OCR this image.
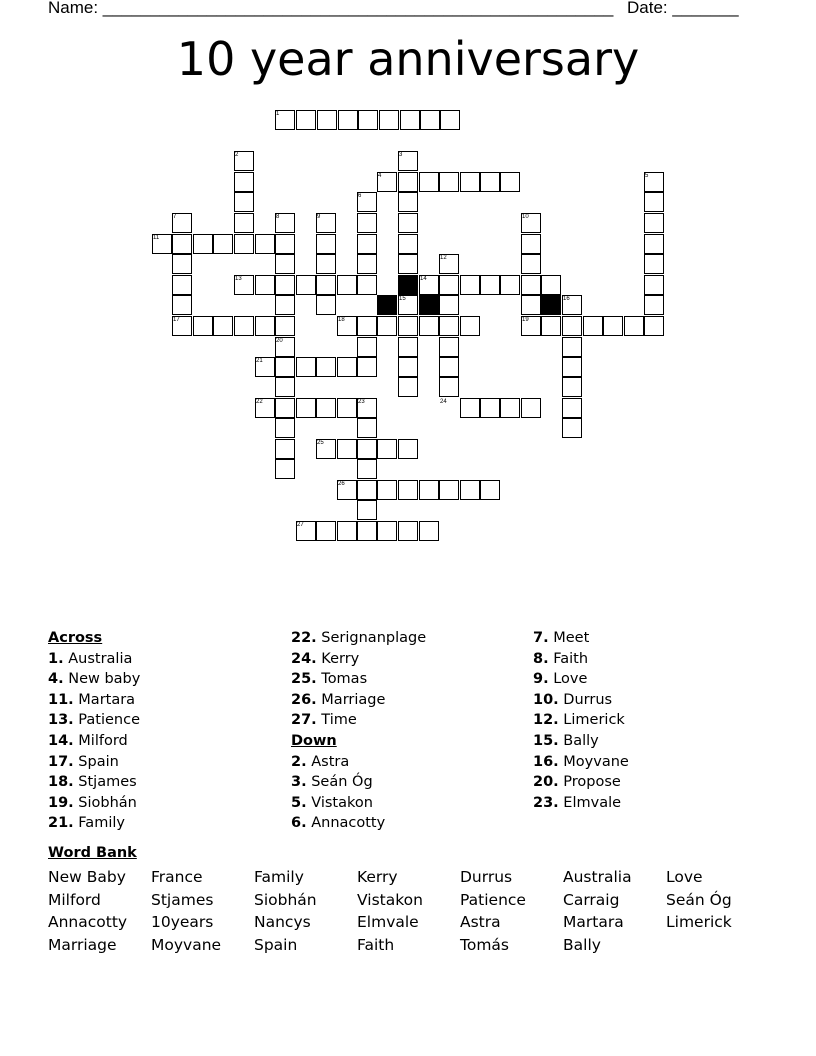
Name: ______________________________________________________ Date: _______
10 year anniversary
1
2	3
4	5
6
7	8	9	10
11
12
13	14
15	16
17	18	19
20
21
22	23	24
25
26
27
Across
1. Australia
4. New baby
11. Martara
13. Patience
14. Milford
17. Spain
18. Stjames
19. Siobhán
21. Family
22. Serignanplage
24. Kerry
25. Tomas
26. Marriage
27. Time
Down
2. Astra
3. Seán Óg
5. Vistakon
6. Annacotty
7. Meet
8. Faith
9. Love
10. Durrus
12. Limerick
15. Bally
16. Moyvane
20. Propose
23. Elmvale
Word Bank
New Baby
Milford
Annacotty
Marriage
France
Stjames
10years
Moyvane
Family
Siobhán
Nancys
Spain
Kerry
Vistakon
Elmvale
Faith
Durrus
Patience
Astra
Tomás
Australia
Carraig
Martara
Bally
Love
Seán Óg
Limerick
